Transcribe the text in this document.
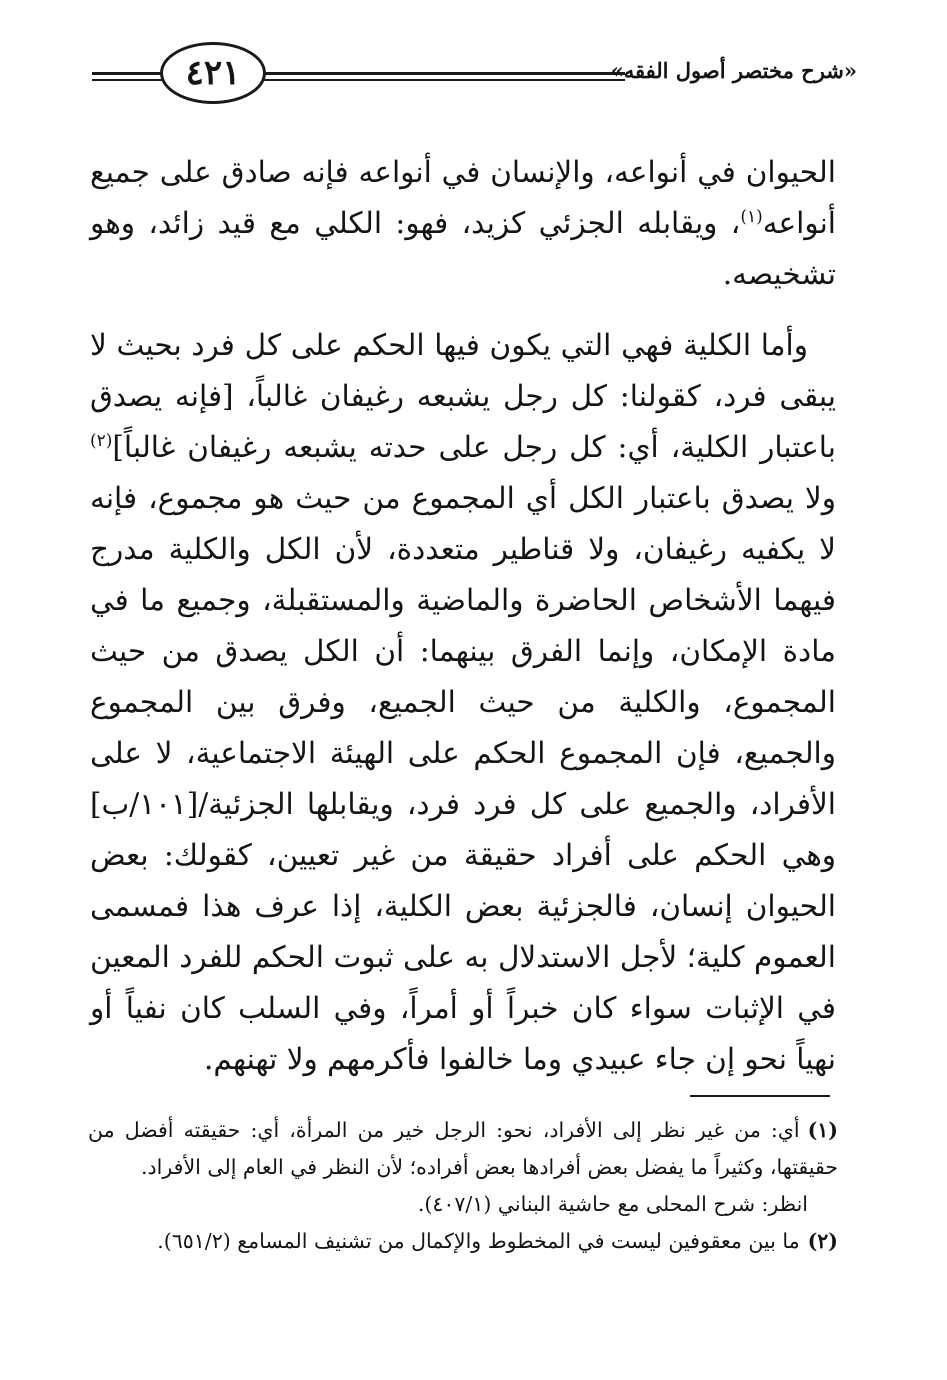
٤٢١	«شرح مختصر أصول الفقه»

الحيوان في أنواعه، والإنسان في أنواعه فإنه صادق على جميع أنواعه$^{(١)}$، ويقابله الجزئي كزيد، فهو: الكلي مع قيد زائد، وهو تشخيصه.

وأما الكلية فهي التي يكون فيها الحكم على كل فرد بحيث لا يبقى فرد، كقولنا: كل رجل يشبعه رغيفان غالباً، [فإنه يصدق باعتبار الكلية، أي: كل رجل على حدته يشبعه رغيفان غالباً]$^{(٢)}$ ولا يصدق باعتبار الكل أي المجموع من حيث هو مجموع، فإنه لا يكفيه رغيفان، ولا قناطير متعددة، لأن الكل والكلية مدرج فيهما الأشخاص الحاضرة والماضية والمستقبلة، وجميع ما في مادة الإمكان، وإنما الفرق بينهما: أن الكل يصدق من حيث المجموع، والكلية من حيث الجميع، وفرق بين المجموع والجميع، فإن المجموع الحكم على الهيئة الاجتماعية، لا على الأفراد، والجميع على كل فرد فرد، ويقابلها الجزئية/[١٠١/ب] وهي الحكم على أفراد حقيقة من غير تعيين، كقولك: بعض الحيوان إنسان، فالجزئية بعض الكلية، إذا عرف هذا فمسمى العموم كلية؛ لأجل الاستدلال به على ثبوت الحكم للفرد المعين في الإثبات سواء كان خبراً أو أمراً، وفي السلب كان نفياً أو نهياً نحو إن جاء عبيدي وما خالفوا فأكرمهم ولا تهنهم.

(١)أي: من غير نظر إلى الأفراد، نحو: الرجل خير من المرأة، أي: حقيقته أفضل من حقيقتها، وكثيراً ما يفضل بعض أفرادها بعض أفراده؛ لأن النظر في العام إلى الأفراد.

انظر: شرح المحلى مع حاشية البناني (٤٠٧/١).

(٢)ما بين معقوفين ليست في المخطوط والإكمال من تشنيف المسامع (٦٥١/٢).
